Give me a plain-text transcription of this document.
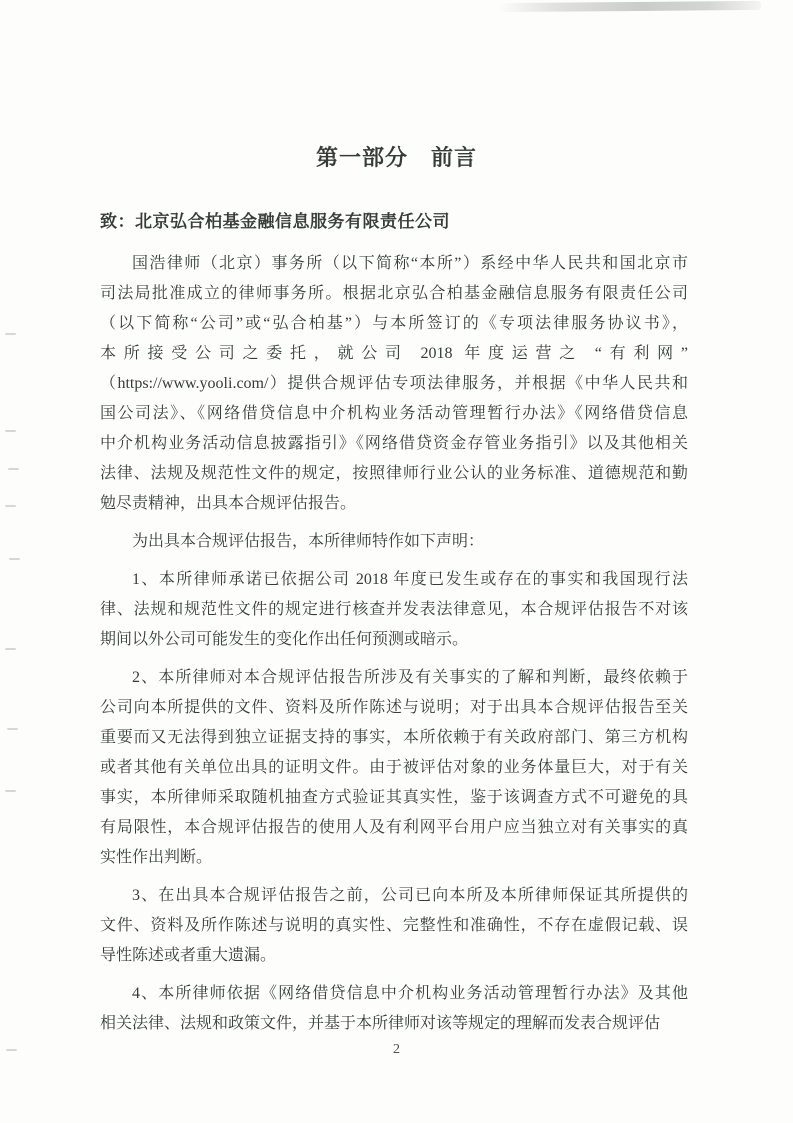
第一部分　前言
致：北京弘合柏基金融信息服务有限责任公司
国浩律师（北京）事务所（以下简称“本所”）系经中华人民共和国北京市
司法局批准成立的律师事务所。根据北京弘合柏基金融信息服务有限责任公司
（以下简称“公司”或“弘合柏基”）与本所签订的《专项法律服务协议书》，
本所接受公司之委托，就公司 2018 年度运营之 “有利网”
（https://www.yooli.com/）提供合规评估专项法律服务，并根据《中华人民共和
国公司法》、《网络借贷信息中介机构业务活动管理暂行办法》《网络借贷信息
中介机构业务活动信息披露指引》《网络借贷资金存管业务指引》以及其他相关
法律、法规及规范性文件的规定，按照律师行业公认的业务标准、道德规范和勤
勉尽责精神，出具本合规评估报告。
为出具本合规评估报告，本所律师特作如下声明：
1、本所律师承诺已依据公司 2018 年度已发生或存在的事实和我国现行法
律、法规和规范性文件的规定进行核查并发表法律意见，本合规评估报告不对该
期间以外公司可能发生的变化作出任何预测或暗示。
2、本所律师对本合规评估报告所涉及有关事实的了解和判断，最终依赖于
公司向本所提供的文件、资料及所作陈述与说明；对于出具本合规评估报告至关
重要而又无法得到独立证据支持的事实，本所依赖于有关政府部门、第三方机构
或者其他有关单位出具的证明文件。由于被评估对象的业务体量巨大，对于有关
事实，本所律师采取随机抽查方式验证其真实性，鉴于该调查方式不可避免的具
有局限性，本合规评估报告的使用人及有利网平台用户应当独立对有关事实的真
实性作出判断。
3、在出具本合规评估报告之前，公司已向本所及本所律师保证其所提供的
文件、资料及所作陈述与说明的真实性、完整性和准确性，不存在虚假记载、误
导性陈述或者重大遗漏。
4、本所律师依据《网络借贷信息中介机构业务活动管理暂行办法》及其他
相关法律、法规和政策文件，并基于本所律师对该等规定的理解而发表合规评估
2
